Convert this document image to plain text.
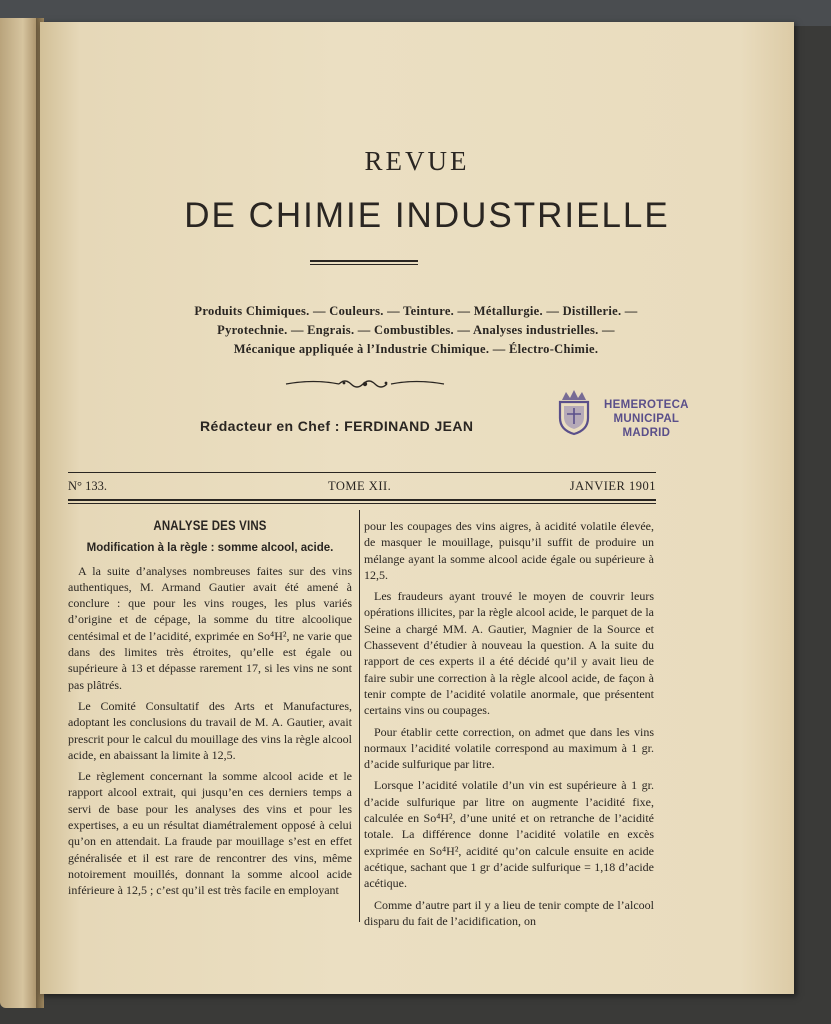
REVUE
DE CHIMIE INDUSTRIELLE
Produits Chimiques. — Couleurs. — Teinture. — Métallurgie. — Distillerie. —
Pyrotechnie. — Engrais. — Combustibles. — Analyses industrielles. —
Mécanique appliquée à l’Industrie Chimique. — Électro-Chimie.
Rédacteur en Chef : FERDINAND JEAN
HEMEROTECA
MUNICIPAL
MADRID
N° 133.	TOME XII.	JANVIER 1901
ANALYSE DES VINS
Modification à la règle : somme alcool, acide.

A la suite d’analyses nombreuses faites sur des vins authentiques, M. Armand Gautier avait été amené à conclure : que pour les vins rouges, les plus variés d’origine et de cépage, la somme du titre alcoolique centésimal et de l’acidité, exprimée en So⁴H², ne varie que dans des limites très étroites, qu’elle est égale ou supérieure à 13 et dépasse rarement 17, si les vins ne sont pas plâtrés.

Le Comité Consultatif des Arts et Manufactures, adoptant les conclusions du travail de M. A. Gautier, avait prescrit pour le calcul du mouillage des vins la règle alcool acide, en abaissant la limite à 12,5.

Le règlement concernant la somme alcool acide et le rapport alcool extrait, qui jusqu’en ces derniers temps a servi de base pour les analyses des vins et pour les expertises, a eu un résultat diamétralement opposé à celui qu’on en attendait. La fraude par mouillage s’est en effet généralisée et il est rare de rencontrer des vins, même notoirement mouillés, donnant la somme alcool acide inférieure à 12,5 ; c’est qu’il est très facile en employant

pour les coupages des vins aigres, à acidité volatile élevée, de masquer le mouillage, puisqu’il suffit de produire un mélange ayant la somme alcool acide égale ou supérieure à 12,5.

Les fraudeurs ayant trouvé le moyen de couvrir leurs opérations illicites, par la règle alcool acide, le parquet de la Seine a chargé MM. A. Gautier, Magnier de la Source et Chassevent d’étudier à nouveau la question. A la suite du rapport de ces experts il a été décidé qu’il y avait lieu de faire subir une correction à la règle alcool acide, de façon à tenir compte de l’acidité volatile anormale, que présentent certains vins ou coupages.

Pour établir cette correction, on admet que dans les vins normaux l’acidité volatile correspond au maximum à 1 gr. d’acide sulfurique par litre.

Lorsque l’acidité volatile d’un vin est supérieure à 1 gr. d’acide sulfurique par litre on augmente l’acidité fixe, calculée en So⁴H², d’une unité et on retranche de l’acidité totale. La différence donne l’acidité volatile en excès exprimée en So⁴H², acidité qu’on calcule ensuite en acide acétique, sachant que 1 gr d’acide sulfurique = 1,18 d’acide acétique.

Comme d’autre part il y a lieu de tenir compte de l’alcool disparu du fait de l’acidification, on
